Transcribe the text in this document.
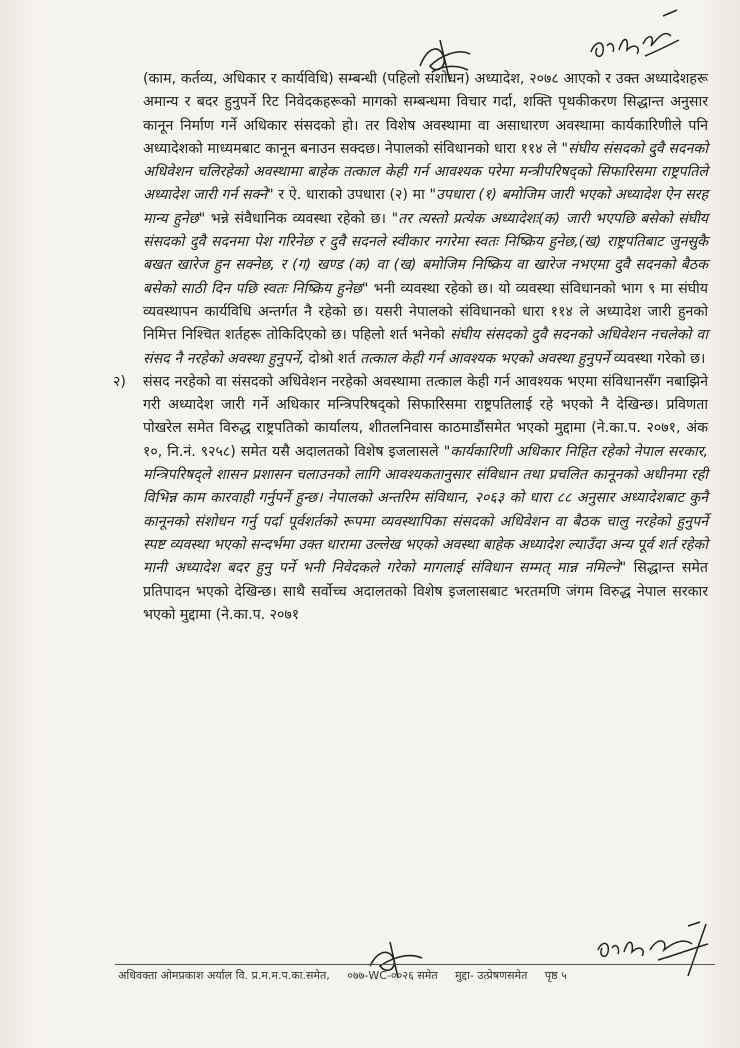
(काम, कर्तव्य, अधिकार र कार्यविधि) सम्बन्धी (पहिलो संशोधन) अध्यादेश, २०७८ आएको र उक्त अध्यादेशहरू अमान्य र बदर हुनुपर्ने रिट निवेदकहरूको मागको सम्बन्धमा विचार गर्दा, शक्ति पृथकीकरण सिद्धान्त अनुसार कानून निर्माण गर्ने अधिकार संसदको हो। तर विशेष अवस्थामा वा असाधारण अवस्थामा कार्यकारिणीले पनि अध्यादेशको माध्यमबाट कानून बनाउन सक्दछ। नेपालको संविधानको धारा ११४ ले "संघीय संसदको दुवै सदनको अधिवेशन चलिरहेको अवस्थामा बाहेक तत्काल केही गर्न आवश्यक परेमा मन्त्रीपरिषद्को सिफारिसमा राष्ट्रपतिले अध्यादेश जारी गर्न सक्ने" र ऐ. धाराको उपधारा (२) मा "उपधारा (१) बमोजिम जारी भएको अध्यादेश ऐन सरह मान्य हुनेछ" भन्ने संवैधानिक व्यवस्था रहेको छ। "तर त्यस्तो प्रत्येक अध्यादेशः(क) जारी भएपछि बसेको संघीय संसदको दुवै सदनमा पेश गरिनेछ र दुवै सदनले स्वीकार नगरेमा स्वतः निष्क्रिय हुनेछ,(ख) राष्ट्रपतिबाट जुनसुकै बखत खारेज हुन सक्नेछ, र (ग) खण्ड (क) वा (ख) बमोजिम निष्क्रिय वा खारेज नभएमा दुवै सदनको बैठक बसेको साठी दिन पछि स्वतः निष्क्रिय हुनेछ" भनी व्यवस्था रहेको छ। यो व्यवस्था संविधानको भाग ९ मा संघीय व्यवस्थापन कार्यविधि अन्तर्गत नै रहेको छ। यसरी नेपालको संविधानको धारा ११४ ले अध्यादेश जारी हुनको निमित्त निश्चित शर्तहरू तोकिदिएको छ। पहिलो शर्त भनेको संघीय संसदको दुवै सदनको अधिवेशन नचलेको वा संसद नै नरहेको अवस्था हुनुपर्ने, दोश्रो शर्त तत्काल केही गर्न आवश्यक भएको अवस्था हुनुपर्ने व्यवस्था गरेको छ।

२) संसद नरहेको वा संसदको अधिवेशन नरहेको अवस्थामा तत्काल केही गर्न आवश्यक भएमा संविधानसँग नबाझिने गरी अध्यादेश जारी गर्ने अधिकार मन्त्रिपरिषद्को सिफारिसमा राष्ट्रपतिलाई रहे भएको नै देखिन्छ। प्रविणता पोखरेल समेत विरुद्ध राष्ट्रपतिको कार्यालय, शीतलनिवास काठमाडौंसमेत भएको मुद्दामा (ने.का.प. २०७१, अंक १०, नि.नं. ९२५८) समेत यसै अदालतको विशेष इजलासले "कार्यकारिणी अधिकार निहित रहेको नेपाल सरकार, मन्त्रिपरिषद्ले शासन प्रशासन चलाउनको लागि आवश्यकतानुसार संविधान तथा प्रचलित कानूनको अधीनमा रही विभिन्न काम कारवाही गर्नुपर्ने हुन्छ। नेपालको अन्तरिम संविधान, २०६३ को धारा ८८ अनुसार अध्यादेशबाट कुनै कानूनको संशोधन गर्नु पर्दा पूर्वशर्तको रूपमा व्यवस्थापिका संसदको अधिवेशन वा बैठक चालु नरहेको हुनुपर्ने स्पष्ट व्यवस्था भएको सन्दर्भमा उक्त धारामा उल्लेख भएको अवस्था बाहेक अध्यादेश ल्याउँदा अन्य पूर्व शर्त रहेको मानी अध्यादेश बदर हुनु पर्ने भनी निवेदकले गरेको मागलाई संविधान सम्मत् मान्न नमिल्ने" सिद्धान्त समेत प्रतिपादन भएको देखिन्छ। साथै सर्वोच्च अदालतको विशेष इजलासबाट भरतमणि जंगम विरुद्ध नेपाल सरकार भएको मुद्दामा (ने.का.प. २०७१

अधिवक्ता ओमप्रकाश अर्याल वि. प्र.म.म.प.का.समेत, ०७७-WC-००२६ समेत मुद्दा- उत्प्रेषणसमेत पृष्ठ ५
